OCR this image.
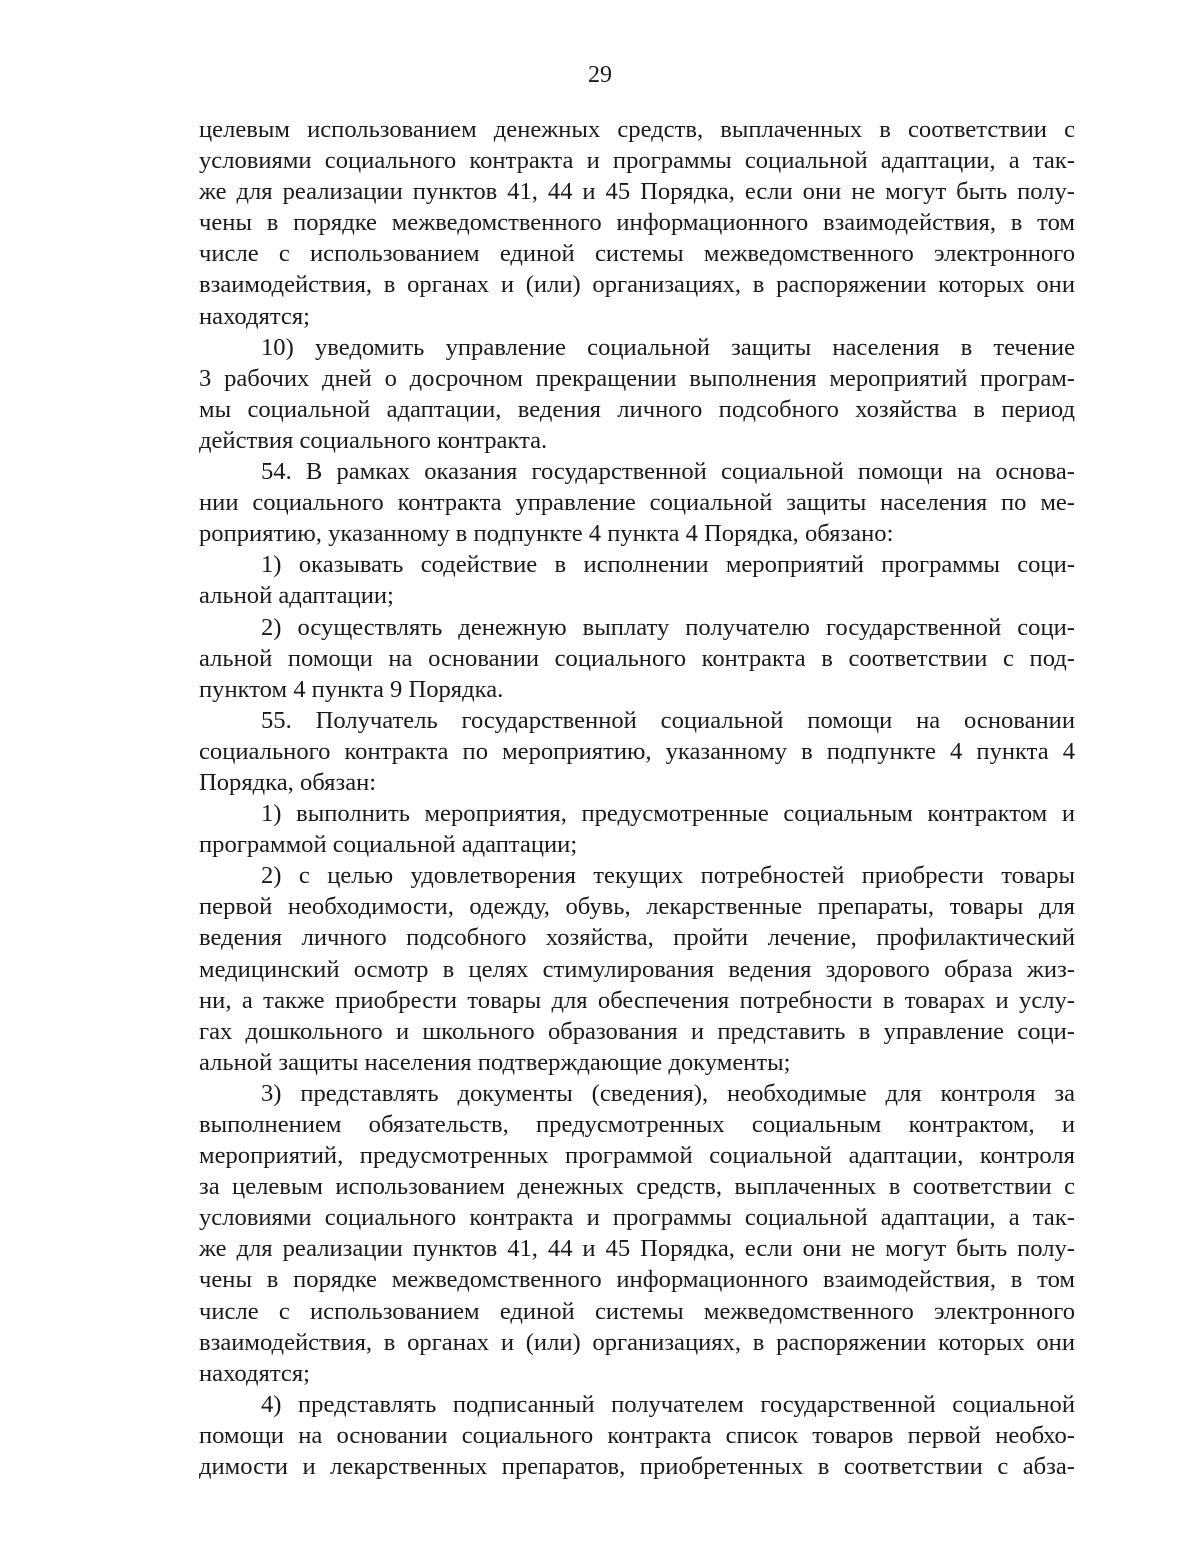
29

целевым использованием денежных средств, выплаченных в соответствии с
условиями социального контракта и программы социальной адаптации, а так-
же для реализации пунктов 41, 44 и 45 Порядка, если они не могут быть полу-
чены в порядке межведомственного информационного взаимодействия, в том
числе с использованием единой системы межведомственного электронного
взаимодействия, в органах и (или) организациях, в распоряжении которых они
находятся;

10) уведомить управление социальной защиты населения в течение
3 рабочих дней о досрочном прекращении выполнения мероприятий програм-
мы социальной адаптации, ведения личного подсобного хозяйства в период
действия социального контракта.

54. В рамках оказания государственной социальной помощи на основа-
нии социального контракта управление социальной защиты населения по ме-
роприятию, указанному в подпункте 4 пункта 4 Порядка, обязано:

1) оказывать содействие в исполнении мероприятий программы соци-
альной адаптации;

2) осуществлять денежную выплату получателю государственной соци-
альной помощи на основании социального контракта в соответствии с под-
пунктом 4 пункта 9 Порядка.

55. Получатель государственной социальной помощи на основании
социального контракта по мероприятию, указанному в подпункте 4 пункта 4
Порядка, обязан:

1) выполнить мероприятия, предусмотренные социальным контрактом и
программой социальной адаптации;

2) с целью удовлетворения текущих потребностей приобрести товары
первой необходимости, одежду, обувь, лекарственные препараты, товары для
ведения личного подсобного хозяйства, пройти лечение, профилактический
медицинский осмотр в целях стимулирования ведения здорового образа жиз-
ни, а также приобрести товары для обеспечения потребности в товарах и услу-
гах дошкольного и школьного образования и представить в управление соци-
альной защиты населения подтверждающие документы;

3) представлять документы (сведения), необходимые для контроля за
выполнением обязательств, предусмотренных социальным контрактом, и
мероприятий, предусмотренных программой социальной адаптации, контроля
за целевым использованием денежных средств, выплаченных в соответствии с
условиями социального контракта и программы социальной адаптации, а так-
же для реализации пунктов 41, 44 и 45 Порядка, если они не могут быть полу-
чены в порядке межведомственного информационного взаимодействия, в том
числе с использованием единой системы межведомственного электронного
взаимодействия, в органах и (или) организациях, в распоряжении которых они
находятся;

4) представлять подписанный получателем государственной социальной
помощи на основании социального контракта список товаров первой необхо-
димости и лекарственных препаратов, приобретенных в соответствии с абза-
